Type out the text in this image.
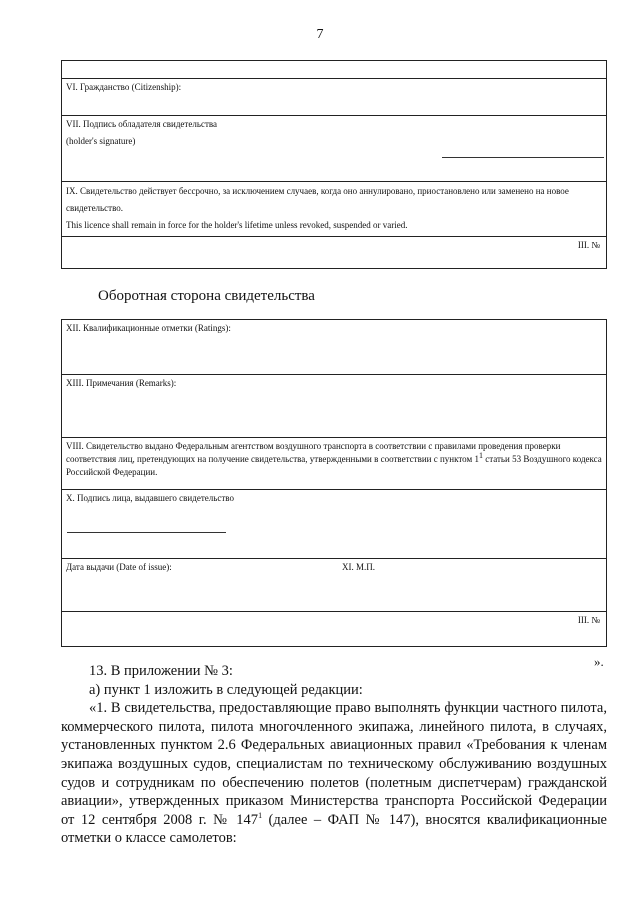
7
VI. Гражданство (Citizenship):
VII. Подпись обладателя свидетельства
(holder's signature)
IX. Свидетельство действует бессрочно, за исключением случаев, когда оно аннулировано, приостановлено или заменено на новое свидетельство.
This licence shall remain in force for the holder's lifetime unless revoked, suspended or varied.
III. №
Оборотная сторона свидетельства
XII. Квалификационные отметки (Ratings):
XIII. Примечания (Remarks):
VIII. Свидетельство выдано Федеральным агентством воздушного транспорта в соответствии с правилами проведения проверки соответствия лиц, претендующих на получение свидетельства, утвержденными в соответствии с пунктом $1^1$ статьи 53 Воздушного кодекса Российской Федерации.
X. Подпись лица, выдавшего свидетельство
Дата выдачи (Date of issue):	XI. М.П.
III. №
».

13. В приложении № 3:

а) пункт 1 изложить в следующей редакции:

«1. В свидетельства, предоставляющие право выполнять функции частного пилота, коммерческого пилота, пилота многочленного экипажа, линейного пилота, в случаях, установленных пунктом 2.6 Федеральных авиационных правил «Требования к членам экипажа воздушных судов, специалистам по техническому обслуживанию воздушных судов и сотрудникам по обеспечению полетов (полетным диспетчерам) гражданской авиации», утвержденных приказом Министерства транспорта Российской Федерации от 12 сентября 2008 г. № $147^1$ (далее – ФАП № 147), вносятся квалификационные отметки о классе самолетов:
